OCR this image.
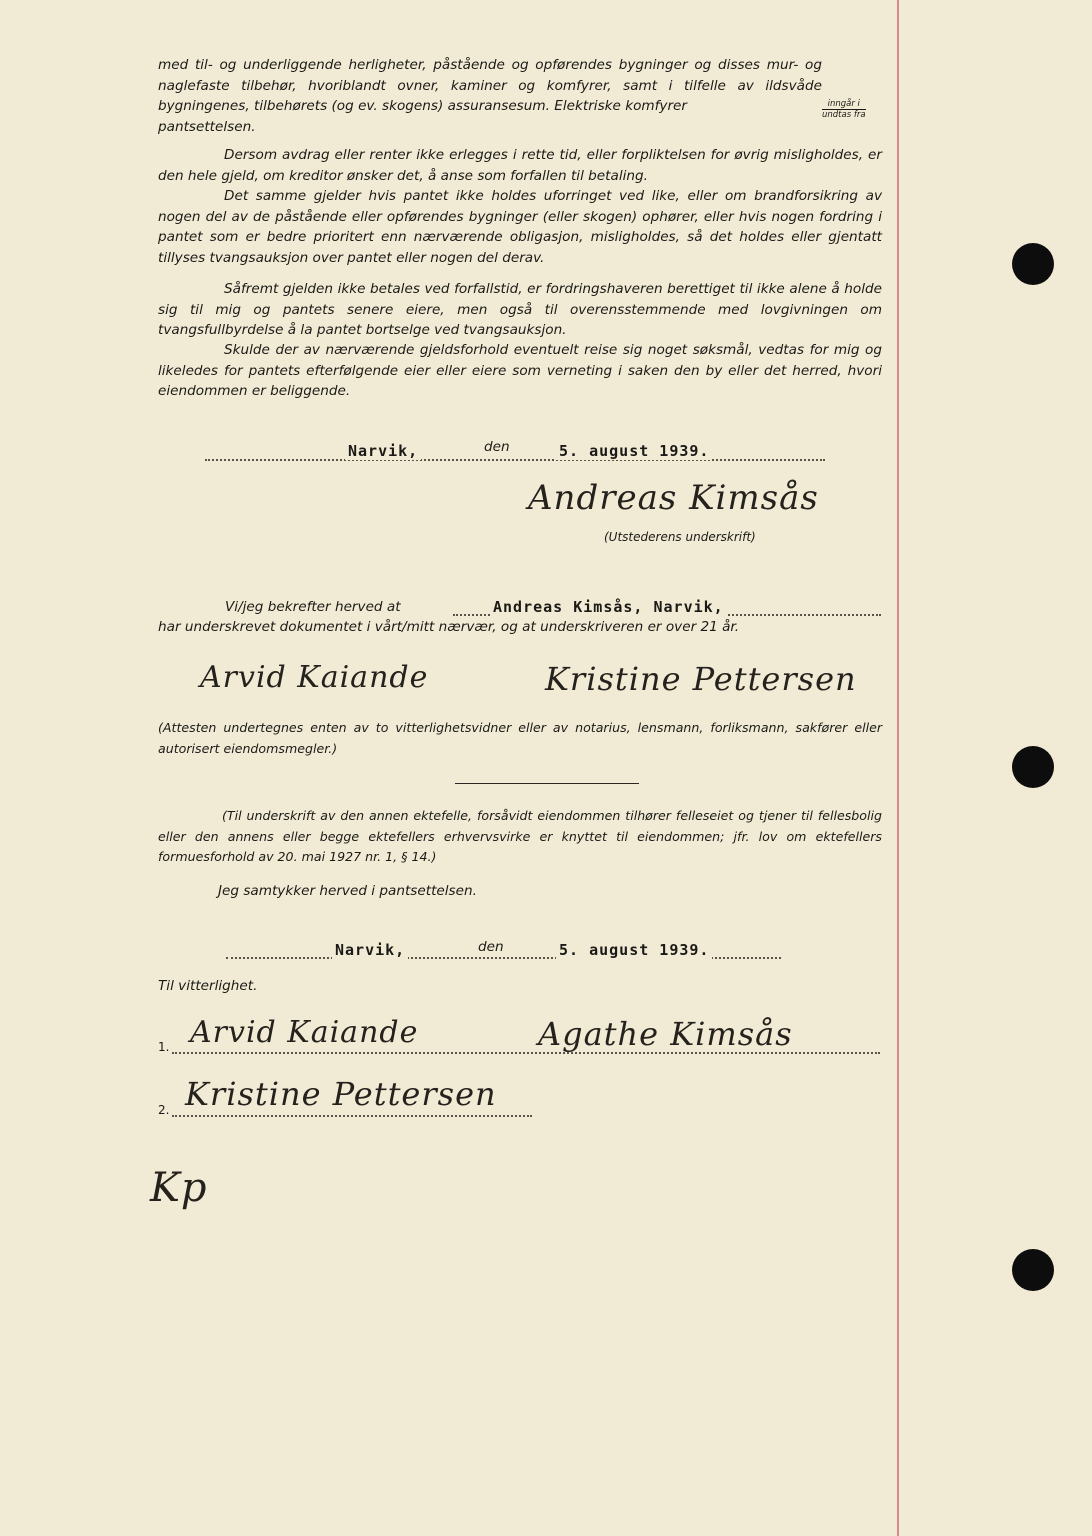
med til- og underliggende herligheter, påstående og opførendes bygninger og disses mur- og naglefaste tilbehør, hvoriblandt ovner, kaminer og komfyrer, samt i tilfelle av ildsvåde bygningenes, tilbehørets (og ev. skogens) assuransesum. Elektriske komfyrer
pantsettelsen.

inngår i
undtas fra

Dersom avdrag eller renter ikke erlegges i rette tid, eller forpliktelsen for øvrig misligholdes, er den hele gjeld, om kreditor ønsker det, å anse som forfallen til betaling.

Det samme gjelder hvis pantet ikke holdes uforringet ved like, eller om brandforsikring av nogen del av de påstående eller opførendes bygninger (eller skogen) ophører, eller hvis nogen fordring i pantet som er bedre prioritert enn nærværende obligasjon, misligholdes, så det holdes eller gjentatt tillyses tvangsauksjon over pantet eller nogen del derav.

Såfremt gjelden ikke betales ved forfallstid, er fordringshaveren berettiget til ikke alene å holde sig til mig og pantets senere eiere, men også til overensstemmende med lovgivningen om tvangsfullbyrdelse å la pantet bortselge ved tvangsauksjon.

Skulde der av nærværende gjeldsforhold eventuelt reise sig noget søksmål, vedtas for mig og likeledes for pantets efterfølgende eier eller eiere som verneting i saken den by eller det herred, hvori eiendommen er beliggende.

Narvik,	den	5. august 1939.
Andreas Kimsås
(Utstederens underskrift)
Vi/jeg bekrefter herved at	Andreas Kimsås, Narvik,
har underskrevet dokumentet i vårt/mitt nærvær, og at underskriveren er over 21 år.
Arvid Kaiande	Kristine Pettersen

(Attesten undertegnes enten av to vitterlighetsvidner eller av notarius, lensmann, forliksmann, sakfører eller autorisert eiendomsmegler.)

(Til underskrift av den annen ektefelle, forsåvidt eiendommen tilhører felleseiet og tjener til fellesbolig eller den annens eller begge ektefellers erhvervsvirke er knyttet til eiendommen; jfr. lov om ektefellers formuesforhold av 20. mai 1927 nr. 1, § 14.)

Jeg samtykker herved i pantsettelsen.
Narvik,	den	5. august 1939.
Til vitterlighet.
1. Arvid Kaiande	Agathe Kimsås
2. Kristine Pettersen
Kp
